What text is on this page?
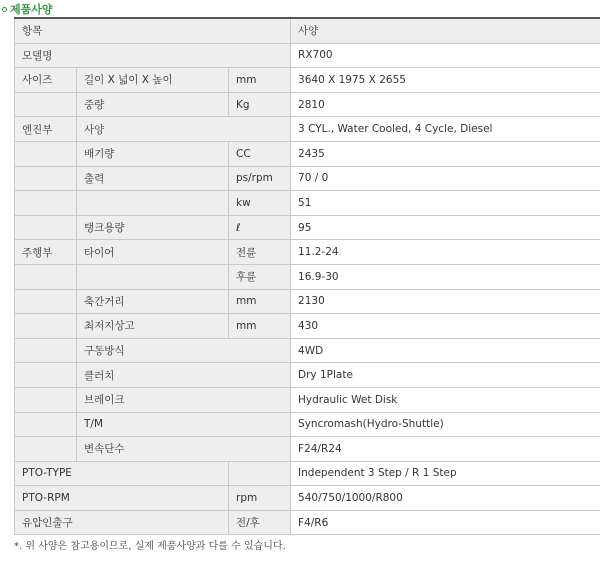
제품사양
항목			사양
모델명			RX700
사이즈	길이 X 넓이 X 높이	mm	3640 X 1975 X 2655
	중량	Kg	2810
엔진부	사양		3 CYL., Water Cooled, 4 Cycle, Diesel
	배기량	CC	2435
	출력	ps/rpm	70 / 0
		kw	51
	탱크용량	ℓ	95
주행부	타이어	전륜	11.2-24
		후륜	16.9-30
	축간거리	mm	2130
	최저지상고	mm	430
	구동방식		4WD
	클러치		Dry 1Plate
	브레이크		Hydraulic Wet Disk
	T/M		Syncromash(Hydro-Shuttle)
	변속단수		F24/R24
PTO-TYPE			Independent 3 Step / R 1 Step
PTO-RPM		rpm	540/750/1000/R800
유압인출구		전/후	F4/R6
*. 위 사양은 참고용이므로, 실제 제품사양과 다를 수 있습니다.
